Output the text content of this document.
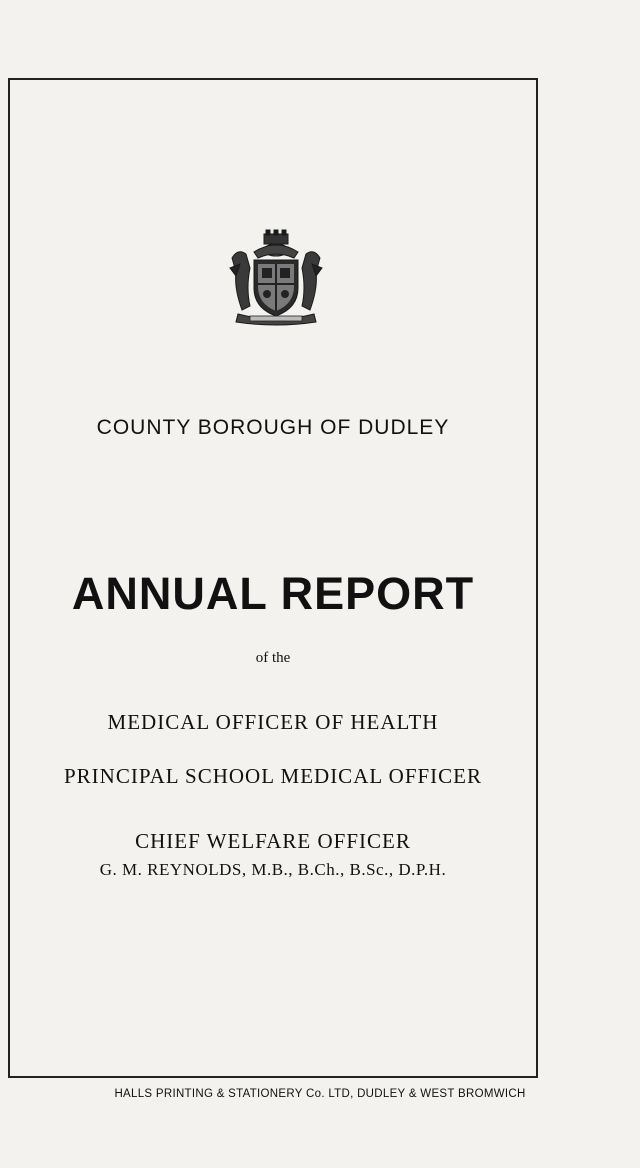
COUNTY BOROUGH OF DUDLEY
ANNUAL REPORT
of the
MEDICAL OFFICER OF HEALTH
PRINCIPAL SCHOOL MEDICAL OFFICER
CHIEF WELFARE OFFICER
G. M. REYNOLDS, M.B., B.Ch., B.Sc., D.P.H.
HALLS PRINTING & STATIONERY Co. LTD, DUDLEY & WEST BROMWICH
